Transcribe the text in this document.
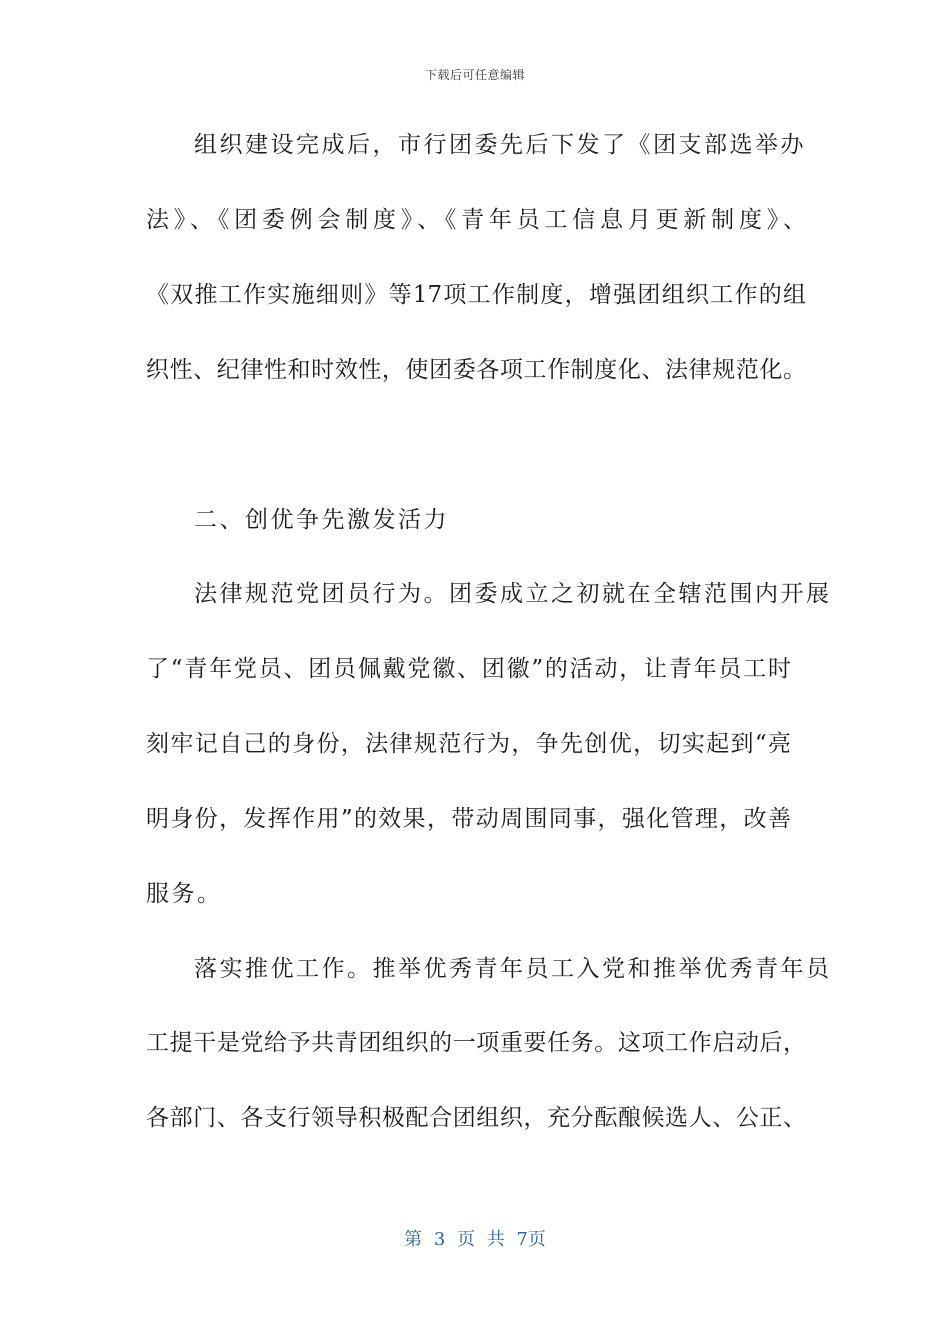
下载后可任意编辑
组织建设完成后，市行团委先后下发了《团支部选举办
法》、《团委例会制度》、《青年员工信息月更新制度》、
《双推工作实施细则》等17项工作制度，增强团组织工作的组
织性、纪律性和时效性，使团委各项工作制度化、法律规范化。
二、创优争先激发活力
法律规范党团员行为。团委成立之初就在全辖范围内开展
了“青年党员、团员佩戴党徽、团徽”的活动，让青年员工时
刻牢记自己的身份，法律规范行为，争先创优，切实起到“亮
明身份，发挥作用”的效果，带动周围同事，强化管理，改善
服务。
落实推优工作。推举优秀青年员工入党和推举优秀青年员
工提干是党给予共青团组织的一项重要任务。这项工作启动后，
各部门、各支行领导积极配合团组织，充分酝酿候选人、公正、
第 3 页 共 7页
